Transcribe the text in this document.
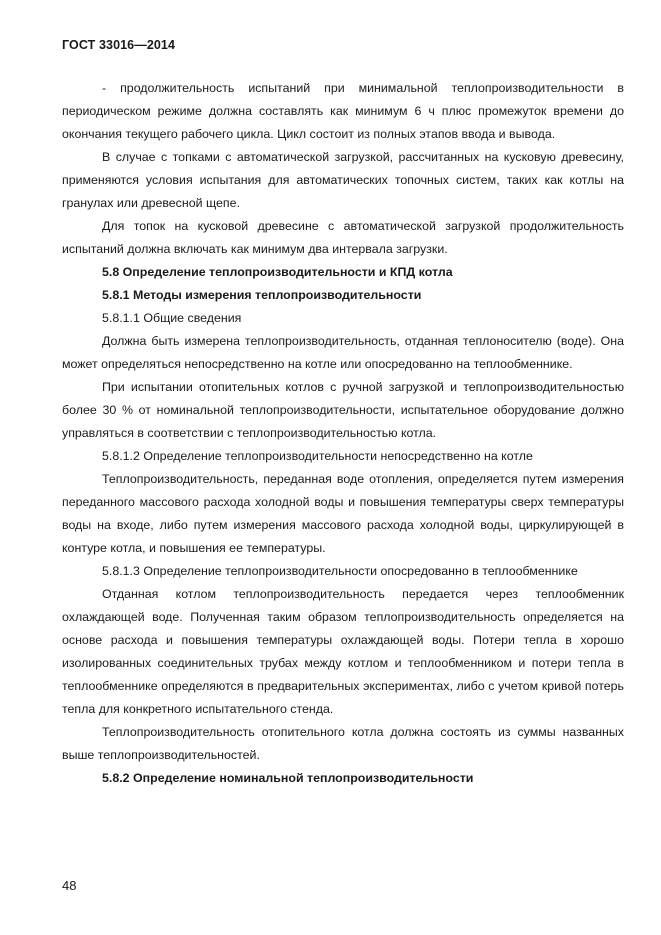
ГОСТ 33016—2014

- продолжительность испытаний при минимальной теплопроизводительности в периодическом режиме должна составлять как минимум 6 ч плюс промежуток времени до окончания текущего рабочего цикла. Цикл состоит из полных этапов ввода и вывода.

В случае с топками с автоматической загрузкой, рассчитанных на кусковую древесину, применяются условия испытания для автоматических топочных систем, таких как котлы на гранулах или древесной щепе.

Для топок на кусковой древесине с автоматической загрузкой продолжительность испытаний должна включать как минимум два интервала загрузки.

5.8 Определение теплопроизводительности и КПД котла

5.8.1 Методы измерения теплопроизводительности

5.8.1.1 Общие сведения

Должна быть измерена теплопроизводительность, отданная теплоносителю (воде). Она может определяться непосредственно на котле или опосредованно на теплообменнике.

При испытании отопительных котлов с ручной загрузкой и теплопроизводительностью более 30 % от номинальной теплопроизводительности, испытательное оборудование должно управляться в соответствии с теплопроизводительностью котла.

5.8.1.2 Определение теплопроизводительности непосредственно на котле

Теплопроизводительность, переданная воде отопления, определяется путем измерения переданного массового расхода холодной воды и повышения температуры сверх температуры воды на входе, либо путем измерения массового расхода холодной воды, циркулирующей в контуре котла, и повышения ее температуры.

5.8.1.3 Определение теплопроизводительности опосредованно в теплообменнике

Отданная котлом теплопроизводительность передается через теплообменник охлаждающей воде. Полученная таким образом теплопроизводительность определяется на основе расхода и повышения температуры охлаждающей воды. Потери тепла в хорошо изолированных соединительных трубах между котлом и теплообменником и потери тепла в теплообменнике определяются в предварительных экспериментах, либо с учетом кривой потерь тепла для конкретного испытательного стенда.

Теплопроизводительность отопительного котла должна состоять из суммы названных выше теплопроизводительностей.

5.8.2 Определение номинальной теплопроизводительности

48
